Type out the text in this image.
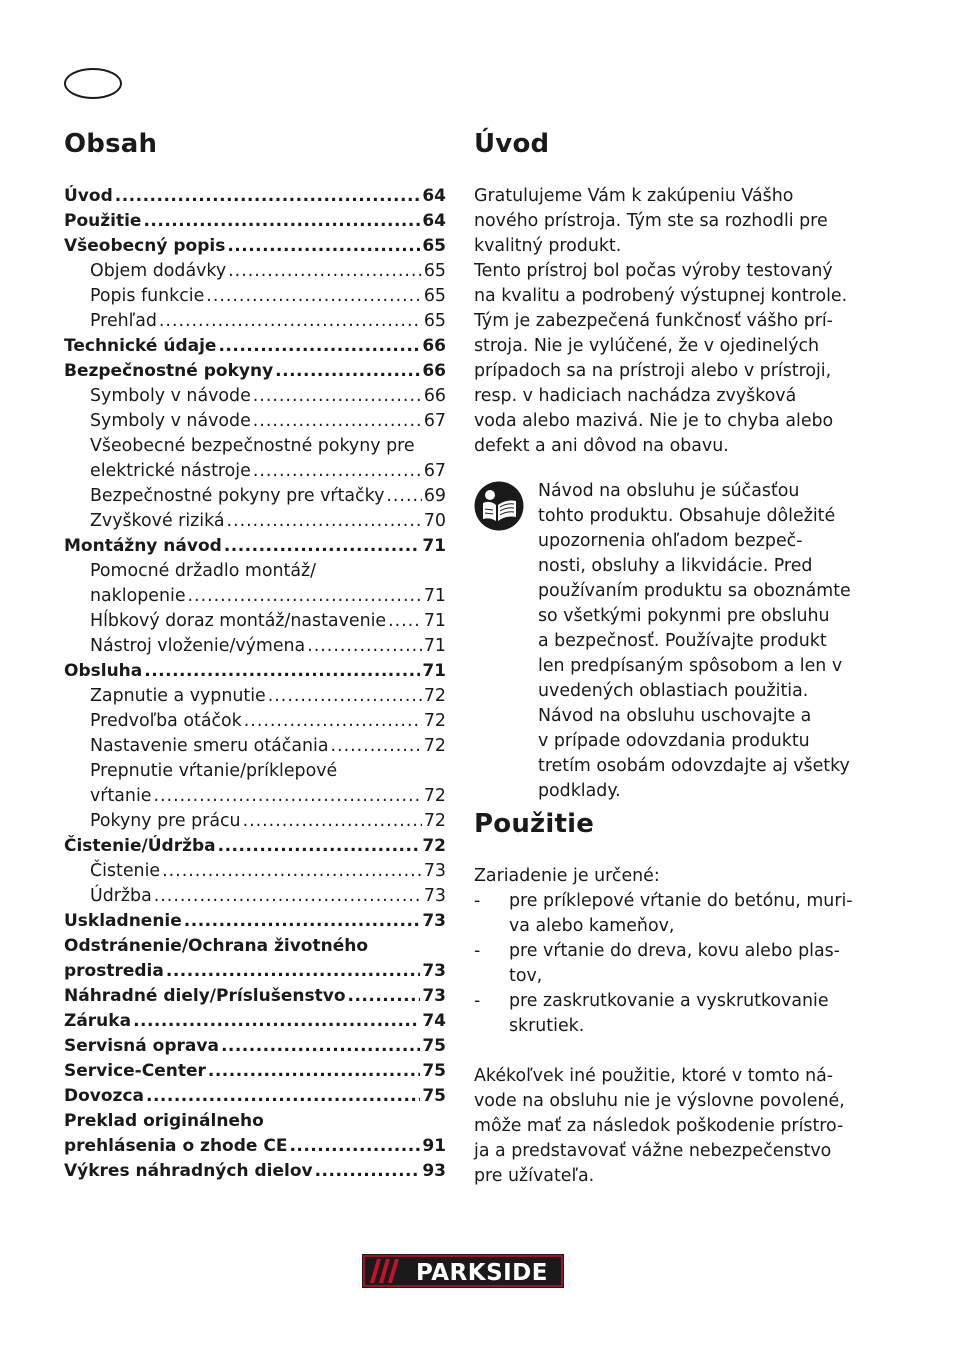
Obsah
Úvod .....	64
Použitie .....	64
Všeobecný popis .....	65
Objem dodávky .....	65
Popis funkcie .....	65
Prehľad .....	65
Technické údaje .....	66
Bezpečnostné pokyny .....	66
Symboly v návode .....	66
Symboly v návode .....	67
Všeobecné bezpečnostné pokyny pre
elektrické nástroje .....	67
Bezpečnostné pokyny pre vŕtačky ..... 69
Zvyškové riziká .....	70
Montážny návod .....	71
Pomocné držadlo montáž/
naklopenie .....	71
Hĺbkový doraz montáž/nastavenie ..... 71
Nástroj vloženie/výmena .....	71
Obsluha .....	71
Zapnutie a vypnutie .....	72
Predvoľba otáčok .....	72
Nastavenie smeru otáčania .....	72
Prepnutie vŕtanie/príklepové
vŕtanie .....	72
Pokyny pre prácu .....	72
Čistenie/Údržba .....	72
Čistenie .....	73
Údržba .....	73
Uskladnenie .....	73
Odstránenie/Ochrana životného
prostredia .....	73
Náhradné diely/Príslušenstvo .....	73
Záruka .....	74
Servisná oprava .....	75
Service-Center .....	75
Dovozca .....	75
Preklad originálneho
prehlásenia o zhode CE .....	91
Výkres náhradných dielov .....	93
Úvod
Gratulujeme Vám k zakúpeniu Vášho
nového prístroja. Tým ste sa rozhodli pre
kvalitný produkt.
Tento prístroj bol počas výroby testovaný
na kvalitu a podrobený výstupnej kontrole.
Tým je zabezpečená funkčnosť vášho prí-
stroja. Nie je vylúčené, že v ojedinelých
prípadoch sa na prístroji alebo v prístroji,
resp. v hadiciach nachádza zvyšková
voda alebo mazivá. Nie je to chyba alebo
defekt a ani dôvod na obavu.
Návod na obsluhu je súčasťou
tohto produktu. Obsahuje dôležité
upozornenia ohľadom bezpeč-
nosti, obsluhy a likvidácie. Pred
používaním produktu sa oboznámte
so všetkými pokynmi pre obsluhu
a bezpečnosť. Používajte produkt
len predpísaným spôsobom a len v
uvedených oblastiach použitia.
Návod na obsluhu uschovajte a
v prípade odovzdania produktu
tretím osobám odovzdajte aj všetky
podklady.
Použitie
Zariadenie je určené:
- pre príklepové vŕtanie do betónu, muri-
va alebo kameňov,
- pre vŕtanie do dreva, kovu alebo plas-
tov,
- pre zaskrutkovanie a vyskrutkovanie
skrutiek.
Akékoľvek iné použitie, ktoré v tomto ná-
vode na obsluhu nie je výslovne povolené,
môže mať za následok poškodenie prístro-
ja a predstavovať vážne nebezpečenstvo
pre užívateľa.
PARKSIDE
